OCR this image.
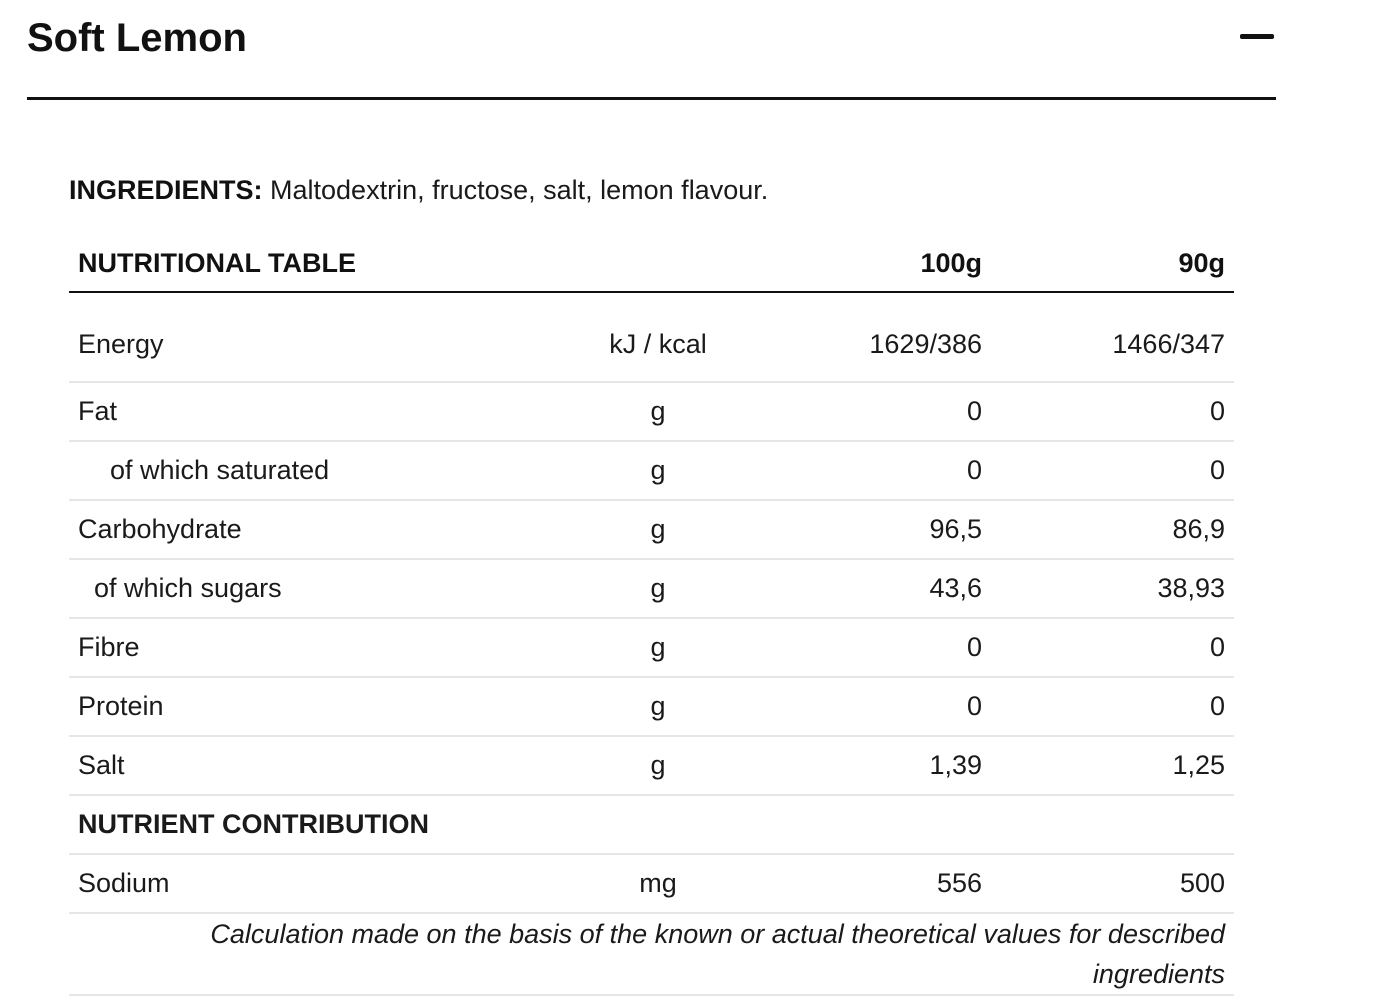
Soft Lemon
INGREDIENTS: Maltodextrin, fructose, salt, lemon flavour.
NUTRITIONAL TABLE		100g	90g
Energy	kJ / kcal	1629/386	1466/347
Fat	g	0	0
of which saturated	g	0	0
Carbohydrate	g	96,5	86,9
of which sugars	g	43,6	38,93
Fibre	g	0	0
Protein	g	0	0
Salt	g	1,39	1,25
NUTRIENT CONTRIBUTION			
Sodium	mg	556	500
Calculation made on the basis of the known or actual theoretical values for described ingredients			
